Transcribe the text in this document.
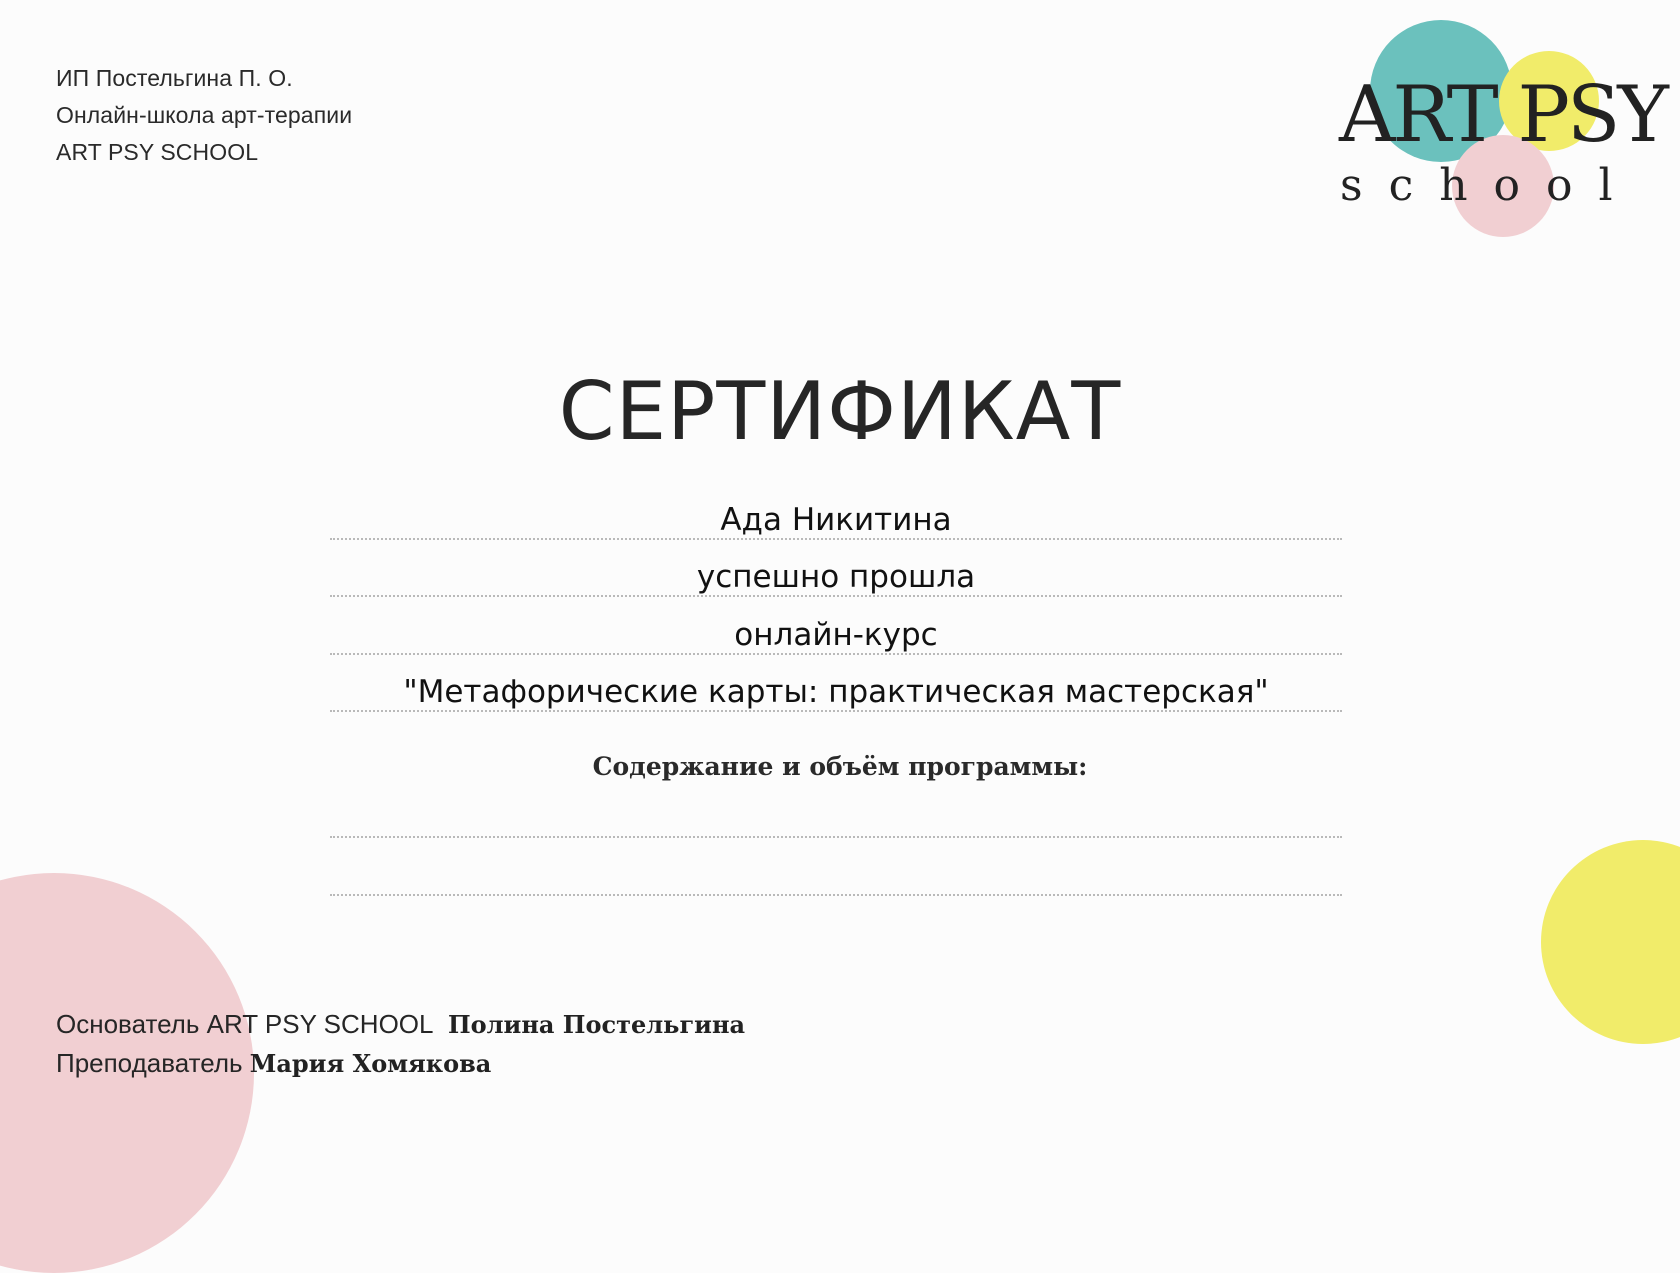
ИП Постельгина П. О.
Онлайн-школа арт-терапии
ART PSY SCHOOL	ART PSY
school
СЕРТИФИКАТ
Ада Никитина
успешно прошла
онлайн-курс
"Метафорические карты: практическая мастерская"
Содержание и объём программы:
Основатель ART PSY SCHOOL Полина Постельгина
Преподаватель Мария Хомякова
